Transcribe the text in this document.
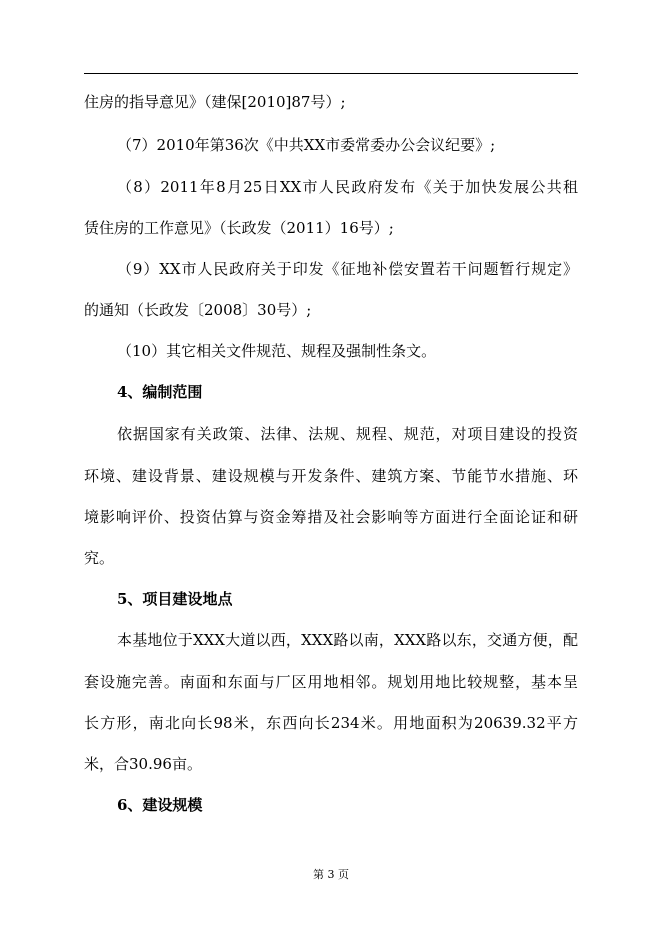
住房的指导意见》（建保[2010]87号）;
（7）2010年第36次《中共XX市委常委办公会议纪要》;
（8）2011年8月25日XX市人民政府发布《关于加快发展公共租
赁住房的工作意见》（长政发（2011）16号）;
（9）XX市人民政府关于印发《征地补偿安置若干问题暂行规定》
的通知（长政发〔2008〕30号）;
（10）其它相关文件规范、规程及强制性条文。
4、编制范围
依据国家有关政策、法律、法规、规程、规范，对项目建设的投资
环境、建设背景、建设规模与开发条件、建筑方案、节能节水措施、环
境影响评价、投资估算与资金筹措及社会影响等方面进行全面论证和研
究。
5、项目建设地点
本基地位于XXX大道以西，XXX路以南，XXX路以东，交通方便，配
套设施完善。南面和东面与厂区用地相邻。规划用地比较规整，基本呈
长方形，南北向长98米，东西向长234米。用地面积为20639.32平方
米，合30.96亩。
6、建设规模
第 3 页
